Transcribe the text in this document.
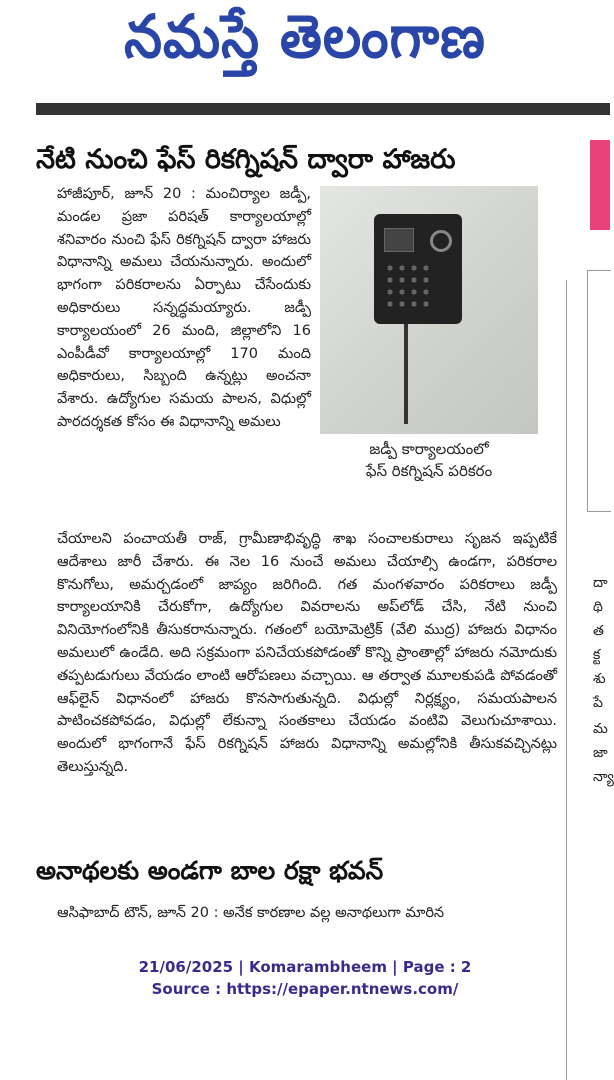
నమస్తే తెలంగాణ
నేటి నుంచి ఫేస్ రికగ్నిషన్ ద్వారా హాజరు
హాజీపూర్, జూన్ 20 : మంచిర్యాల జడ్పీ, మండల ప్రజా పరిషత్ కార్యాలయాల్లో శనివారం నుంచి ఫేస్ రికగ్నిషన్ ద్వారా హాజరు విధానాన్ని అమలు చేయనున్నారు. అందులో భాగంగా పరికరాలను ఏర్పాటు చేసేందుకు అధికారులు సన్నద్ధమయ్యారు. జడ్పీ కార్యాలయంలో 26 మంది, జిల్లాలోని 16 ఎంపీడీవో కార్యాలయాల్లో 170 మంది అధికారులు, సిబ్బంది ఉన్నట్లు అంచనా వేశారు. ఉద్యోగుల సమయ పాలన, విధుల్లో పారదర్శకత కోసం ఈ విధానాన్ని అమలు
జడ్పీ కార్యాలయంలో
ఫేస్ రికగ్నిషన్ పరికరం
చేయాలని పంచాయతీ రాజ్, గ్రామీణాభివృద్ధి శాఖ సంచాలకురాలు సృజన ఇప్పటికే ఆదేశాలు జారీ చేశారు. ఈ నెల 16 నుంచే అమలు చేయాల్సి ఉండగా, పరికరాల కొనుగోలు, అమర్చడంలో జాప్యం జరిగింది. గత మంగళవారం పరికరాలు జడ్పీ కార్యాలయానికి చేరుకోగా, ఉద్యోగుల వివరాలను అప్‌లోడ్ చేసి, నేటి నుంచి వినియోగంలోనికి తీసుకరానున్నారు. గతంలో బయోమెట్రిక్ (వేలి ముద్ర) హాజరు విధానం అమలులో ఉండేది. అది సక్రమంగా పనిచేయకపోడంతో కొన్ని ప్రాంతాల్లో హాజరు నమోదుకు తప్పటడుగులు వేయడం లాంటి ఆరోపణలు వచ్చాయి. ఆ తర్వాత మూలకుపడి పోవడంతో ఆఫ్‌లైన్ విధానంలో హాజరు కొనసాగుతున్నది. విధుల్లో నిర్లక్ష్యం, సమయపాలన పాటించకపోవడం, విధుల్లో లేకున్నా సంతకాలు చేయడం వంటివి వెలుగుచూశాయి. అందులో భాగంగానే ఫేస్ రికగ్నిషన్ హాజరు విధానాన్ని అమల్లోనికి తీసుకవచ్చినట్లు తెలుస్తున్నది.
అనాథలకు అండగా బాల రక్షా భవన్
ఆసిఫాబాద్ టౌన్, జూన్ 20 : అనేక కారణాల వల్ల అనాథలుగా మారిన
దా
థి
త
క్ట
శు
పే
మ
జా
న్యా
21/06/2025 | Komarambheem | Page : 2
Source : https://epaper.ntnews.com/
